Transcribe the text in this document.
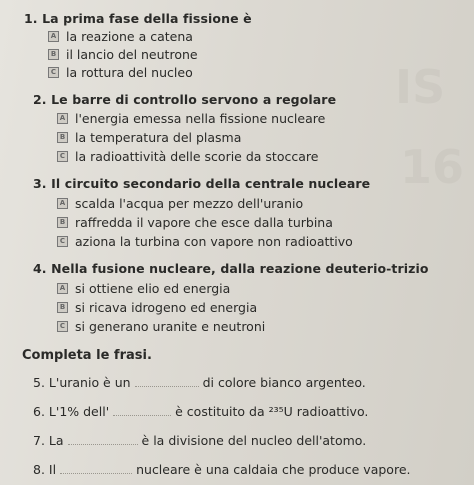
IS
16
1. La prima fase della fissione è
A la reazione a catena
B il lancio del neutrone
C la rottura del nucleo
2. Le barre di controllo servono a regolare
A l'energia emessa nella fissione nucleare
B la temperatura del plasma
C la radioattività delle scorie da stoccare
3. Il circuito secondario della centrale nucleare
A scalda l'acqua per mezzo dell'uranio
B raffredda il vapore che esce dalla turbina
C aziona la turbina con vapore non radioattivo
4. Nella fusione nucleare, dalla reazione deuterio-trizio
A si ottiene elio ed energia
B si ricava idrogeno ed energia
C si generano uranite e neutroni
Completa le frasi.
5.
L'uranio è un	di colore bianco argenteo.
6.
L'1% dell'	è costituito da ²³⁵U radioattivo.
7.
La	è la divisione del nucleo dell'atomo.
8.
Il	nucleare è una caldaia che produce vapore.
